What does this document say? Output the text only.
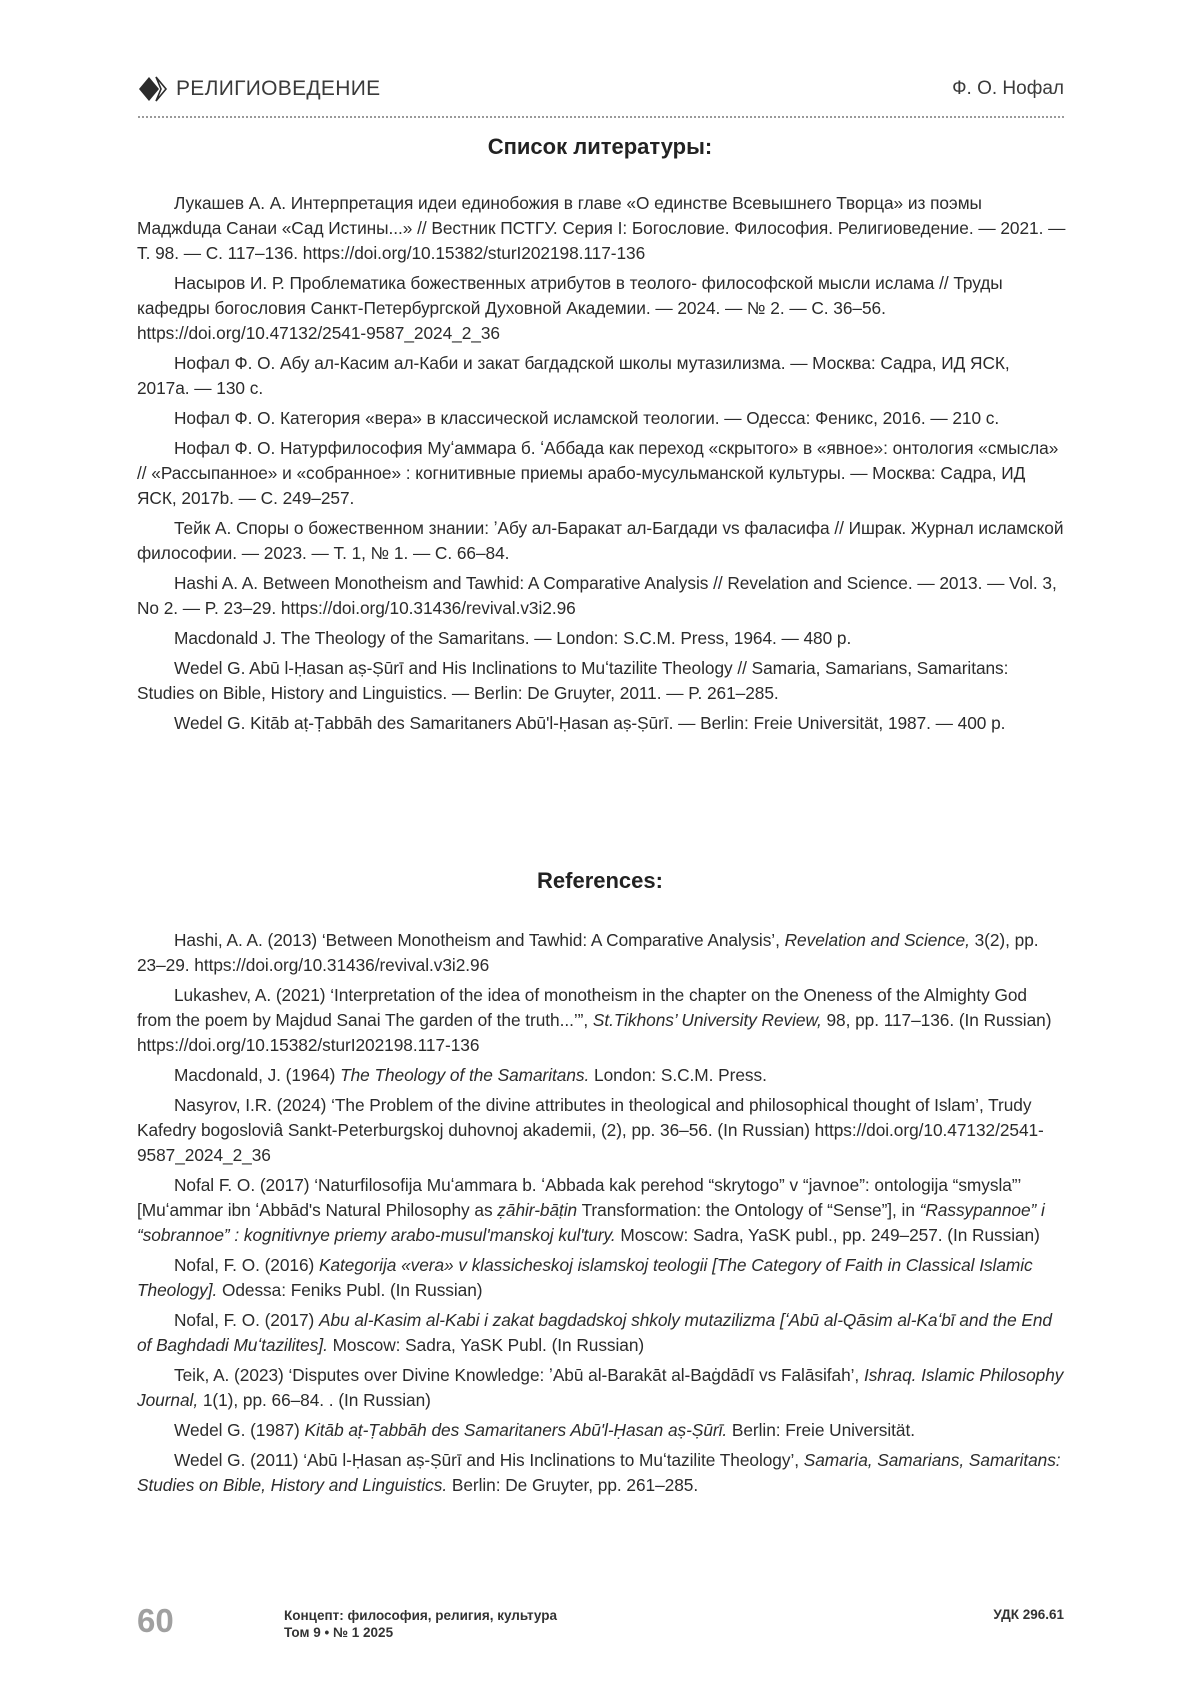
РЕЛИГИОВЕДЕНИЕ	Ф. О. Нофал
Список литературы:
Лукашев А. А. Интерпретация идеи единобожия в главе «О единстве Всевышнего Творца» из поэмы Маджduда Санаи «Сад Истины...» // Вестник ПСТГУ. Серия I: Богословие. Философия. Религиоведение. — 2021. — Т. 98. — С. 117–136. https://doi.org/10.15382/sturI202198.117-136
Насыров И. Р. Проблематика божественных атрибутов в теолого- философской мысли ислама // Труды кафедры богословия Санкт-Петербургской Духовной Академии. — 2024. — № 2. — С. 36–56. https://doi.org/10.47132/2541-9587_2024_2_36
Нофал Ф. О. Абу ал-Касим ал-Каби и закат багдадской школы мутазилизма. — Москва: Садра, ИД ЯСК, 2017a. — 130 с.
Нофал Ф. О. Категория «вера» в классической исламской теологии. — Одесса: Феникс, 2016. — 210 с.
Нофал Ф. О. Натурфилософия Муʻаммара б. ʻАббада как переход «скрытого» в «явное»: онтология «смысла» // «Рассыпанное» и «собранное» : когнитивные приемы арабо-мусульманской культуры. — Москва: Садра, ИД ЯСК, 2017b. — С. 249–257.
Тейк А. Споры о божественном знании: ʼАбу ал-Баракат ал-Багдади vs фаласифа // Ишрак. Журнал исламской философии. — 2023. — Т. 1, № 1. — С. 66–84.
Hashi A. A. Between Monotheism and Tawhid: A Comparative Analysis // Revelation and Science. — 2013. — Vol. 3, No 2. — P. 23–29. https://doi.org/10.31436/revival.v3i2.96
Macdonald J. The Theology of the Samaritans. — London: S.C.M. Press, 1964. — 480 p.
Wedel G. Abū l-Ḥasan aṣ-Ṣūrī and His Inclinations to Muʻtazilite Theology // Samaria, Samarians, Samaritans: Studies on Bible, History and Linguistics. — Berlin: De Gruyter, 2011. — P. 261–285.
Wedel G. Kitāb aṭ-Ṭabbāh des Samaritaners Abū'l-Ḥasan aṣ-Ṣūrī. — Berlin: Freie Universität, 1987. — 400 p.
References:
Hashi, A. A. (2013) ‘Between Monotheism and Tawhid: A Comparative Analysis’, Revelation and Science, 3(2), pp. 23–29. https://doi.org/10.31436/revival.v3i2.96
Lukashev, A. (2021) ‘Interpretation of the idea of monotheism in the chapter on the Oneness of the Almighty God from the poem by Majdud Sanai The garden of the truth...’”, St.Tikhons’ University Review, 98, pp. 117–136. (In Russian) https://doi.org/10.15382/sturI202198.117-136
Macdonald, J. (1964) The Theology of the Samaritans. London: S.C.M. Press.
Nasyrov, I.R. (2024) ‘The Problem of the divine attributes in theological and philosophical thought of Islam’, Trudy Kafedry bogosloviâ Sankt-Peterburgskoj duhovnoj akademii, (2), pp. 36–56. (In Russian) https://doi.org/10.47132/2541-9587_2024_2_36
Nofal F. O. (2017) ‘Naturfilosofija Muʻammara b. ʻAbbada kak perehod “skrytogo” v “javnoe”: ontologija “smysla”’ [Muʻammar ibn ʻAbbād's Natural Philosophy as ẓāhir-bāṭin Transformation: the Ontology of “Sense”], in “Rassypannoe” i “sobrannoe” : kognitivnye priemy arabo-musul'manskoj kul'tury. Moscow: Sadra, YaSK publ., pp. 249–257. (In Russian)
Nofal, F. O. (2016) Kategorija «vera» v klassicheskoj islamskoj teologii [The Category of Faith in Classical Islamic Theology]. Odessa: Feniks Publ. (In Russian)
Nofal, F. O. (2017) Abu al-Kasim al-Kabi i zakat bagdadskoj shkoly mutazilizma [ʻAbū al-Qāsim al-Kaʻbī and the End of Baghdadi Muʻtazilites]. Moscow: Sadra, YaSK Publ. (In Russian)
Teik, A. (2023) ‘Disputes over Divine Knowledge: ʼAbū al-Barakāt al-Baġdādī vs Falāsifah’, Ishraq. Islamic Philosophy Journal, 1(1), pp. 66–84. . (In Russian)
Wedel G. (1987) Kitāb aṭ-Ṭabbāh des Samaritaners Abū'l-Ḥasan aṣ-Ṣūrī. Berlin: Freie Universität.
Wedel G. (2011) ‘Abū l-Ḥasan aṣ-Ṣūrī and His Inclinations to Muʻtazilite Theology’, Samaria, Samarians, Samaritans: Studies on Bible, History and Linguistics. Berlin: De Gruyter, pp. 261–285.
60	Концепт: философия, религия, культура
Том 9 • № 1 2025
УДК 296.61
